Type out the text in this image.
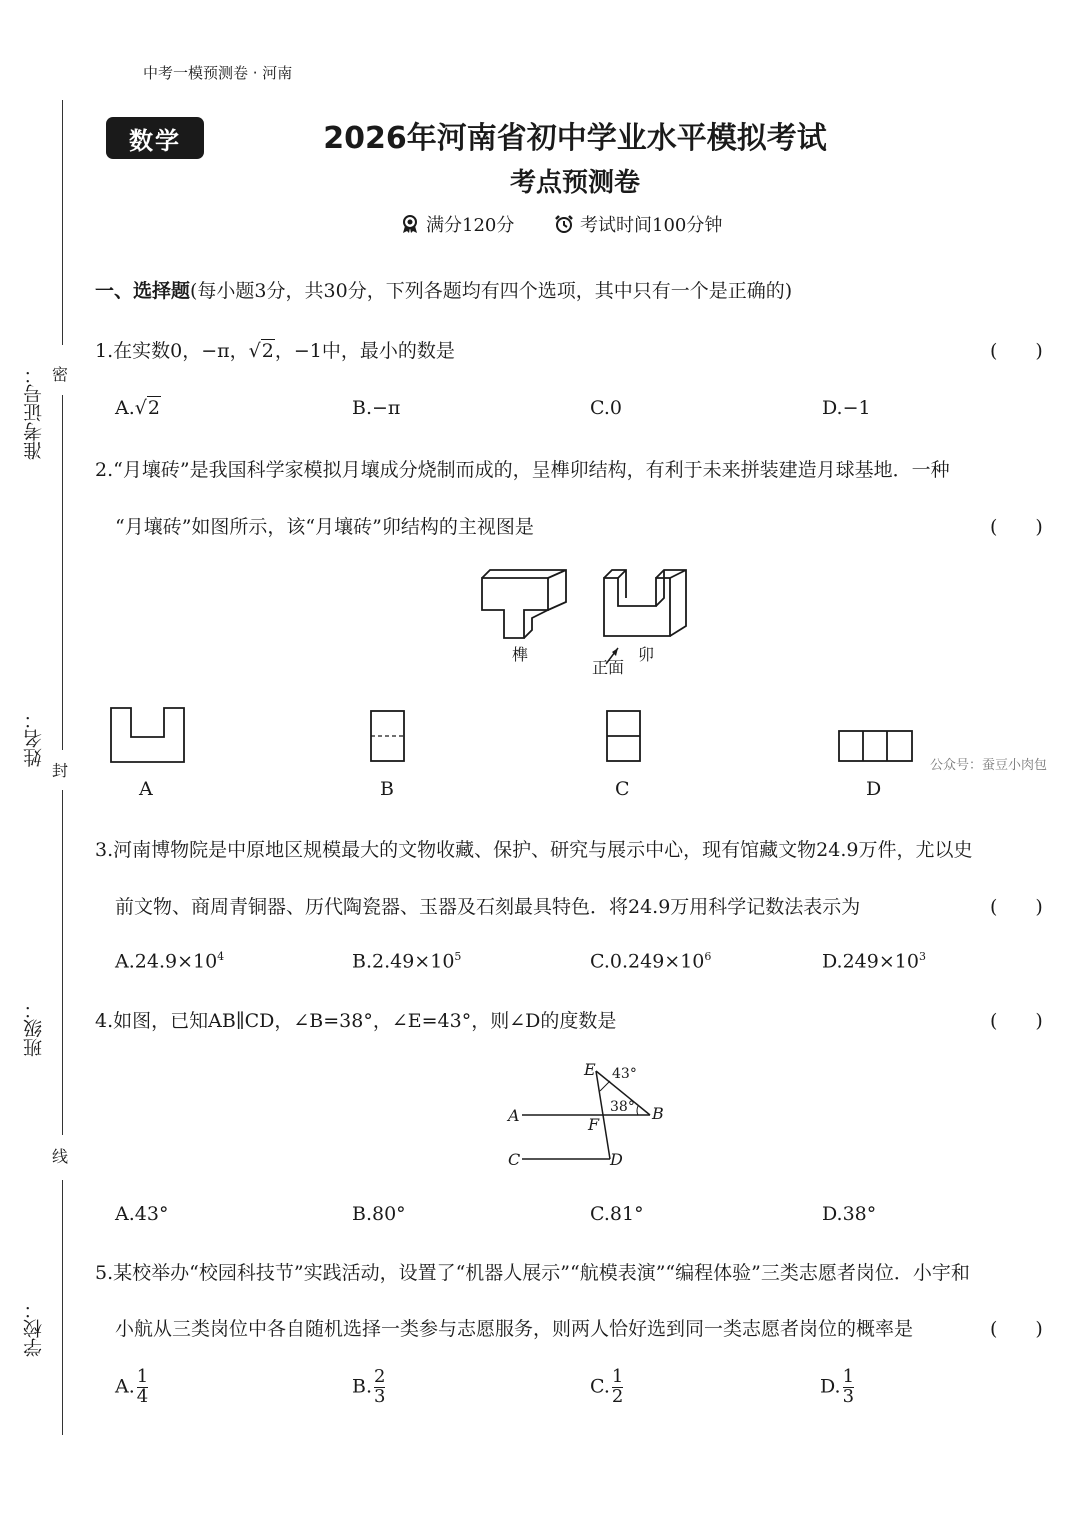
中考一模预测卷 · 河南
数学	2026年河南省初中学业水平模拟考试
考点预测卷
满分120分	考试时间100分钟
密
封
线
准考证号：
姓名：
班级：
学校：
一、选择题(每小题3分，共30分，下列各题均有四个选项，其中只有一个是正确的)
1.在实数0，−π，√2，−1中，最小的数是	(　　)
A.√2	B.−π	C.0	D.−1
2.“月壤砖”是我国科学家模拟月壤成分烧制而成的，呈榫卯结构，有利于未来拼装建造月球基地．一种
“月壤砖”如图所示，该“月壤砖”卯结构的主视图是	(　　)
榫
正面
卯
A	B	C	D
公众号：蚕豆小肉包
3.河南博物院是中原地区规模最大的文物收藏、保护、研究与展示中心，现有馆藏文物24.9万件，尤以史
前文物、商周青铜器、历代陶瓷器、玉器及石刻最具特色．将24.9万用科学记数法表示为	(　　)
$A.24.9\times 10^4$	$B.2.49\times 10^5$	$C.0.249\times 10^6$	$D.249\times 10^3$
4.如图，已知AB∥CD，∠B=38°，∠E=43°，则∠D的度数是	(　　)
E 43°
38°
A	B
F
C	D
A.43°	B.80°	C.81°	D.38°
5.某校举办“校园科技节”实践活动，设置了“机器人展示”“航模表演”“编程体验”三类志愿者岗位．小宇和
小航从三类岗位中各自随机选择一类参与志愿服务，则两人恰好选到同一类志愿者岗位的概率是	(　　)
A. $\frac{1}{4}$	B. $\frac{2}{3}$	C. $\frac{1}{2}$	D. $\frac{1}{3}$
